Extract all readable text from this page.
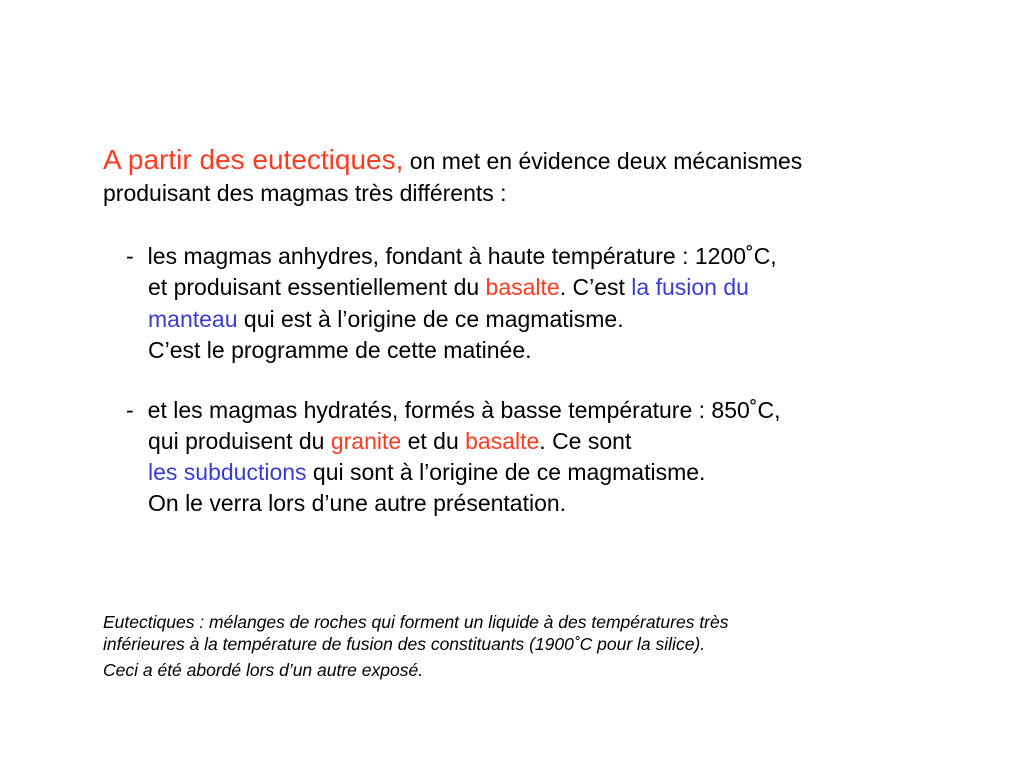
A partir des eutectiques, on met en évidence deux mécanismes
produisant des magmas très différents :
- les magmas anhydres, fondant à haute température : 1200˚C,
et produisant essentiellement du basalte. C’est la fusion du
manteau qui est à l’origine de ce magmatisme.
C’est le programme de cette matinée.
- et les magmas hydratés, formés à basse température : 850˚C,
qui produisent du granite et du basalte. Ce sont
les subductions qui sont à l’origine de ce magmatisme.
On le verra lors d’une autre présentation.
Eutectiques : mélanges de roches qui forment un liquide à des températures très
inférieures à la température de fusion des constituants (1900˚C pour la silice).
Ceci a été abordé lors d’un autre exposé.
